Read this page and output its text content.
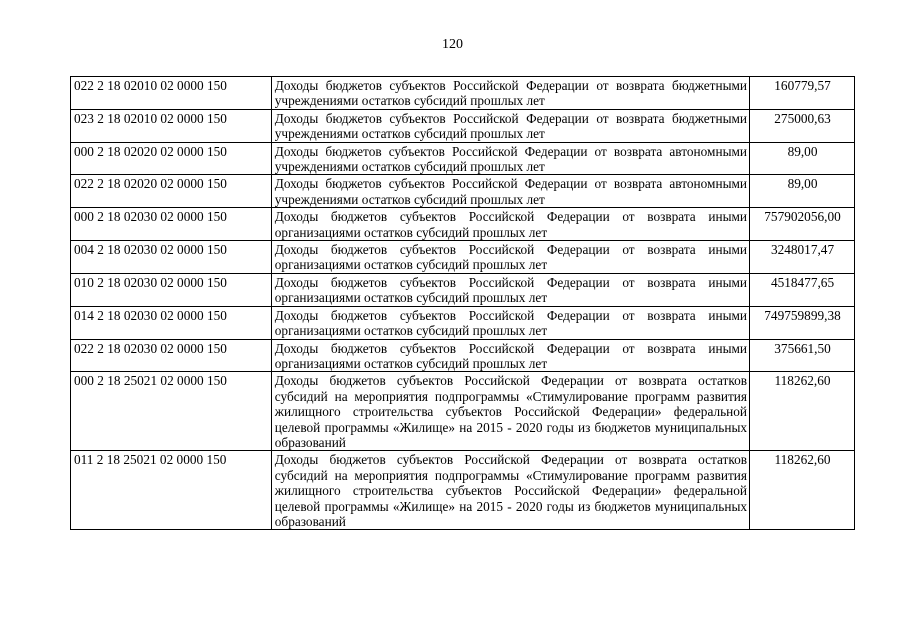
120
022 2 18 02010 02 0000 150	Доходы бюджетов субъектов Российской Федерации от возврата бюджетными учреждениями остатков субсидий прошлых лет	160779,57
023 2 18 02010 02 0000 150	Доходы бюджетов субъектов Российской Федерации от возврата бюджетными учреждениями остатков субсидий прошлых лет	275000,63
000 2 18 02020 02 0000 150	Доходы бюджетов субъектов Российской Федерации от возврата автономными учреждениями остатков субсидий прошлых лет	89,00
022 2 18 02020 02 0000 150	Доходы бюджетов субъектов Российской Федерации от возврата автономными учреждениями остатков субсидий прошлых лет	89,00
000 2 18 02030 02 0000 150	Доходы бюджетов субъектов Российской Федерации от возврата иными организациями остатков субсидий прошлых лет	757902056,00
004 2 18 02030 02 0000 150	Доходы бюджетов субъектов Российской Федерации от возврата иными организациями остатков субсидий прошлых лет	3248017,47
010 2 18 02030 02 0000 150	Доходы бюджетов субъектов Российской Федерации от возврата иными организациями остатков субсидий прошлых лет	4518477,65
014 2 18 02030 02 0000 150	Доходы бюджетов субъектов Российской Федерации от возврата иными организациями остатков субсидий прошлых лет	749759899,38
022 2 18 02030 02 0000 150	Доходы бюджетов субъектов Российской Федерации от возврата иными организациями остатков субсидий прошлых лет	375661,50
000 2 18 25021 02 0000 150	Доходы бюджетов субъектов Российской Федерации от возврата остатков субсидий на мероприятия подпрограммы «Стимулирование программ развития жилищного строительства субъектов Российской Федерации» федеральной целевой программы «Жилище» на 2015 - 2020 годы из бюджетов муниципальных образований	118262,60
011 2 18 25021 02 0000 150	Доходы бюджетов субъектов Российской Федерации от возврата остатков субсидий на мероприятия подпрограммы «Стимулирование программ развития жилищного строительства субъектов Российской Федерации» федеральной целевой программы «Жилище» на 2015 - 2020 годы из бюджетов муниципальных образований	118262,60
